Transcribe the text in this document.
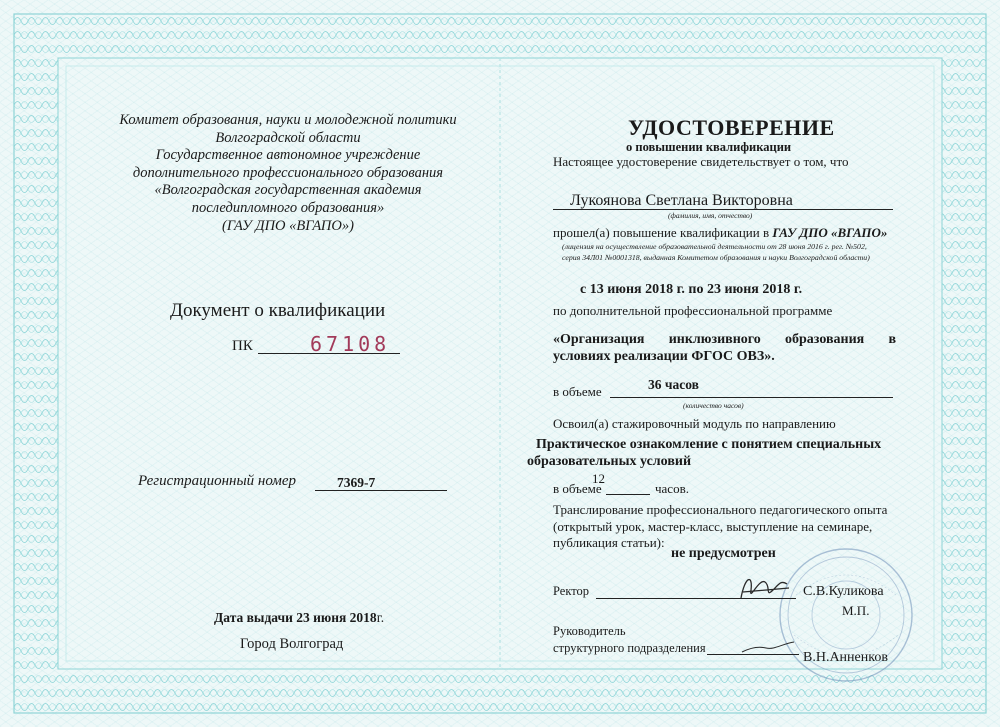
Комитет образования, науки и молодежной политики
Волгоградской области
Государственное автономное учреждение
дополнительного профессионального образования
«Волгоградская государственная академия
последипломного образования»
(ГАУ ДПО «ВГАПО»)
Документ о квалификации
ПК	67108
Регистрационный номер	7369-7
Дата выдачи 23 июня 2018г.
Город Волгоград
УДОСТОВЕРЕНИЕ
о повышении квалификации
Настоящее удостоверение свидетельствует о том, что
Лукоянова Светлана Викторовна
(фамилия, имя, отчество)
прошел(а) повышение квалификации в ГАУ ДПО «ВГАПО»
(лицензия на осуществление образовательной деятельности от 28 июня 2016 г. рег. №502,
серия 34Л01 №0001318, выданная Комитетом образования и науки Волгоградской области)
с 13 июня 2018 г. по 23 июня 2018 г.
по дополнительной профессиональной программе
«Организация инклюзивного образования в
условиях реализации ФГОС ОВЗ».
в объеме	36 часов
(количество часов)
Освоил(а) стажировочный модуль по направлению
Практическое ознакомление с понятием специальных
образовательных условий
12
в объеме	часов.
Транслирование профессионального педагогического опыта
(открытый урок, мастер-класс, выступление на семинаре,
публикация статьи):
не предусмотрен
Ректор	С.В.Куликова
М.П.
Руководитель
структурного подразделения
В.Н.Анненков
